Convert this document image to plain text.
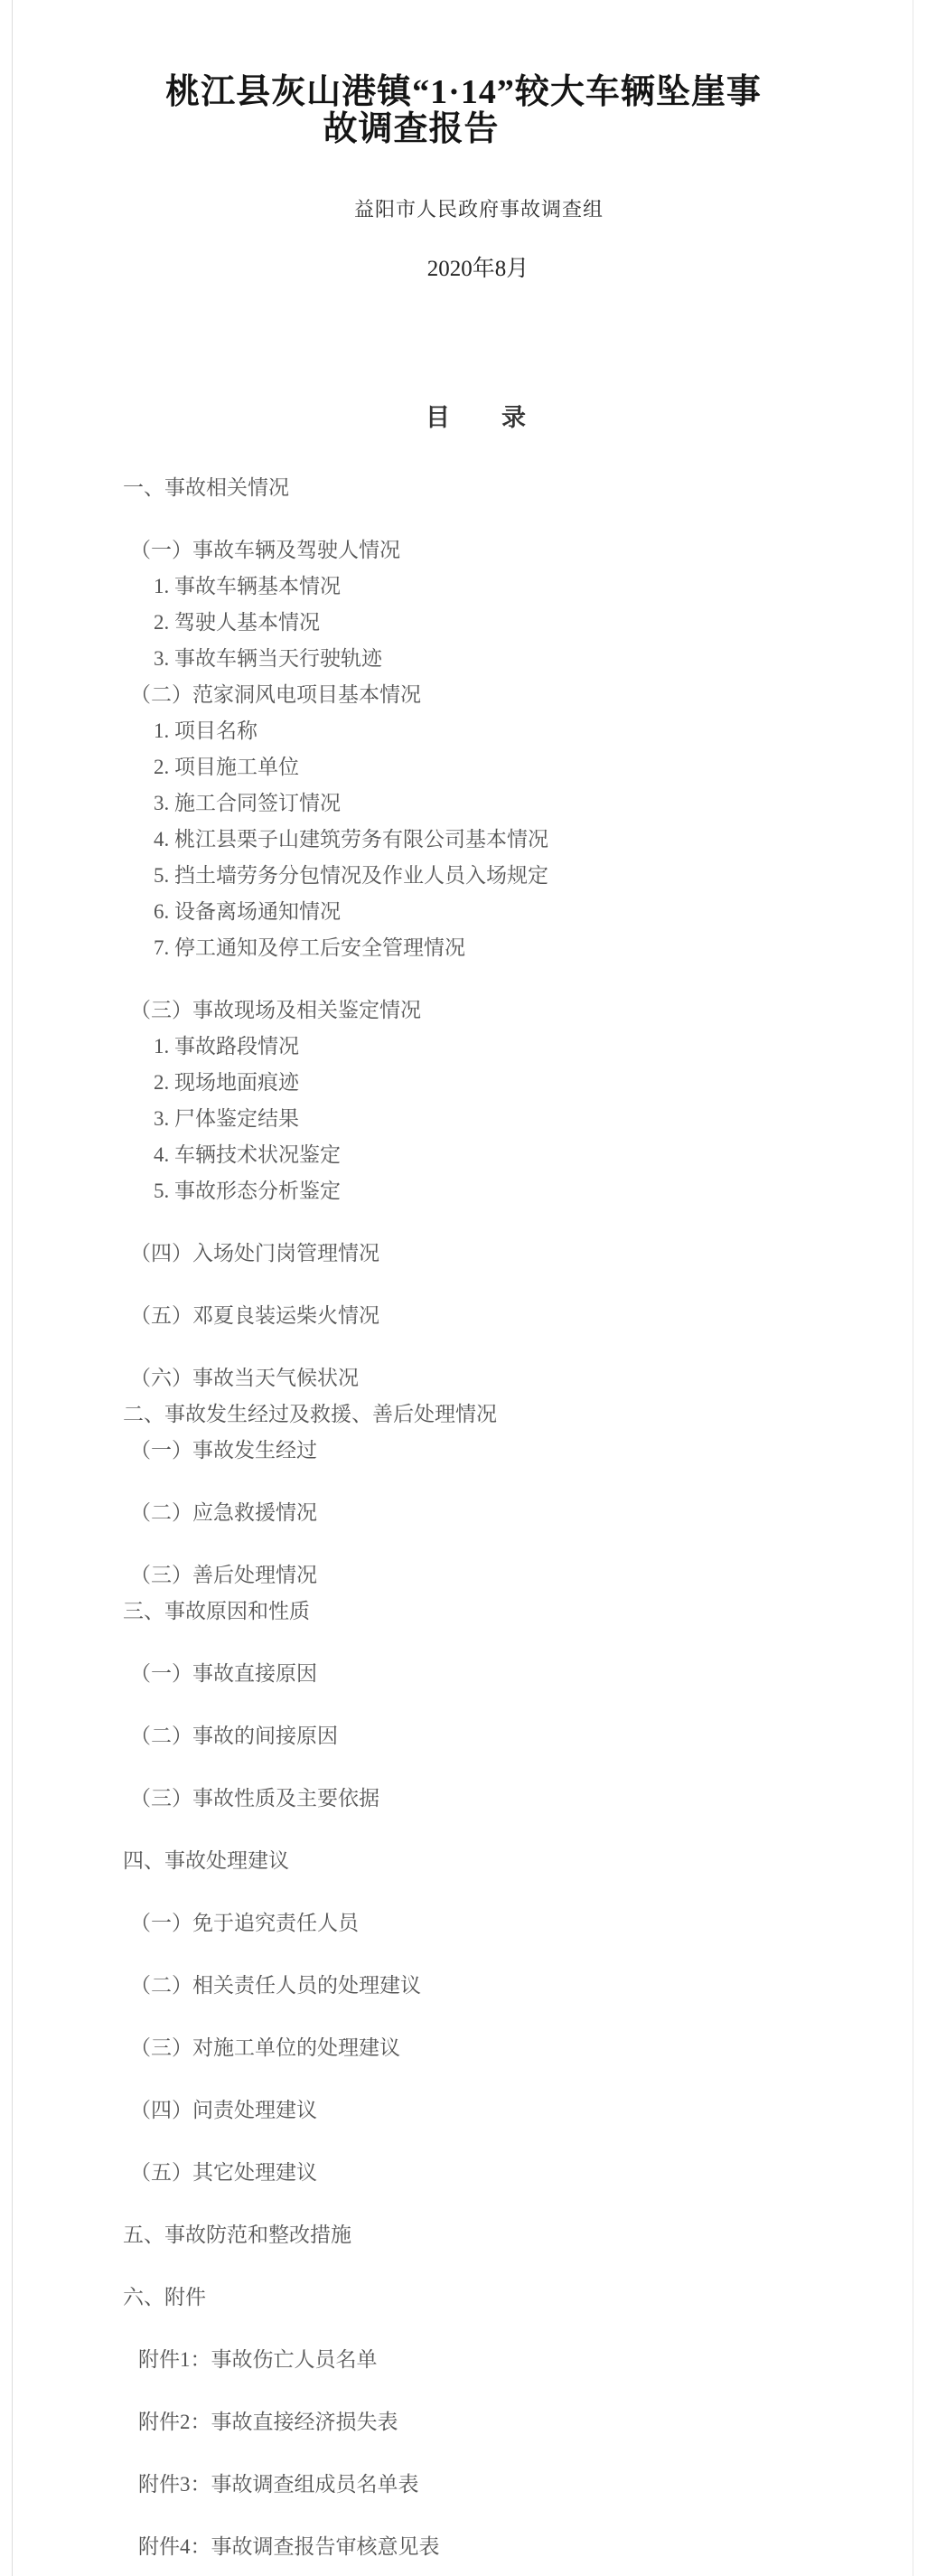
桃江县灰山港镇“1·14”较大车辆坠崖事
故调查报告
益阳市人民政府事故调查组
2020年8月
目　　录
一、事故相关情况
（一）事故车辆及驾驶人情况
1. 事故车辆基本情况
2. 驾驶人基本情况
3. 事故车辆当天行驶轨迹
（二）范家洞风电项目基本情况
1. 项目名称
2. 项目施工单位
3. 施工合同签订情况
4. 桃江县栗子山建筑劳务有限公司基本情况
5. 挡土墙劳务分包情况及作业人员入场规定
6. 设备离场通知情况
7. 停工通知及停工后安全管理情况
（三）事故现场及相关鉴定情况
1. 事故路段情况
2. 现场地面痕迹
3. 尸体鉴定结果
4. 车辆技术状况鉴定
5. 事故形态分析鉴定
（四）入场处门岗管理情况
（五）邓夏良装运柴火情况
（六）事故当天气候状况
二、事故发生经过及救援、善后处理情况
（一）事故发生经过
（二）应急救援情况
（三）善后处理情况
三、事故原因和性质
（一）事故直接原因
（二）事故的间接原因
（三）事故性质及主要依据
四、事故处理建议
（一）免于追究责任人员
（二）相关责任人员的处理建议
（三）对施工单位的处理建议
（四）问责处理建议
（五）其它处理建议
五、事故防范和整改措施
六、附件
附件1：事故伤亡人员名单
附件2：事故直接经济损失表
附件3：事故调查组成员名单表
附件4：事故调查报告审核意见表
